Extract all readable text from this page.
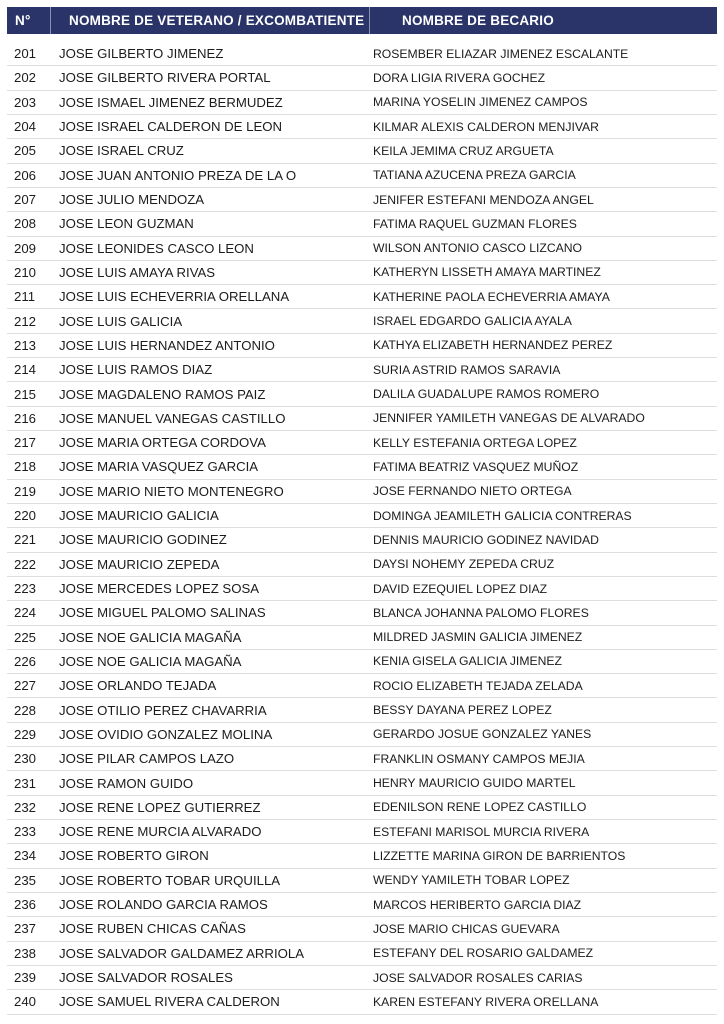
N°	NOMBRE DE VETERANO / EXCOMBATIENTE	NOMBRE DE BECARIO
201	JOSE GILBERTO JIMENEZ	ROSEMBER ELIAZAR JIMENEZ ESCALANTE
202	JOSE GILBERTO RIVERA PORTAL	DORA LIGIA RIVERA GOCHEZ
203	JOSE ISMAEL JIMENEZ BERMUDEZ	MARINA YOSELIN JIMENEZ CAMPOS
204	JOSE ISRAEL CALDERON DE LEON	KILMAR ALEXIS CALDERON MENJIVAR
205	JOSE ISRAEL CRUZ	KEILA JEMIMA CRUZ ARGUETA
206	JOSE JUAN ANTONIO PREZA DE LA O	TATIANA AZUCENA PREZA GARCIA
207	JOSE JULIO MENDOZA	JENIFER ESTEFANI MENDOZA ANGEL
208	JOSE LEON GUZMAN	FATIMA RAQUEL GUZMAN FLORES
209	JOSE LEONIDES CASCO LEON	WILSON ANTONIO CASCO LIZCANO
210	JOSE LUIS AMAYA RIVAS	KATHERYN LISSETH AMAYA MARTINEZ
211	JOSE LUIS ECHEVERRIA ORELLANA	KATHERINE PAOLA ECHEVERRIA AMAYA
212	JOSE LUIS GALICIA	ISRAEL EDGARDO GALICIA AYALA
213	JOSE LUIS HERNANDEZ ANTONIO	KATHYA ELIZABETH HERNANDEZ PEREZ
214	JOSE LUIS RAMOS DIAZ	SURIA ASTRID RAMOS SARAVIA
215	JOSE MAGDALENO RAMOS PAIZ	DALILA GUADALUPE RAMOS ROMERO
216	JOSE MANUEL VANEGAS CASTILLO	JENNIFER YAMILETH VANEGAS DE ALVARADO
217	JOSE MARIA ORTEGA CORDOVA	KELLY ESTEFANIA ORTEGA LOPEZ
218	JOSE MARIA VASQUEZ GARCIA	FATIMA BEATRIZ VASQUEZ MUÑOZ
219	JOSE MARIO NIETO MONTENEGRO	JOSE FERNANDO NIETO ORTEGA
220	JOSE MAURICIO GALICIA	DOMINGA JEAMILETH GALICIA CONTRERAS
221	JOSE MAURICIO GODINEZ	DENNIS MAURICIO GODINEZ NAVIDAD
222	JOSE MAURICIO ZEPEDA	DAYSI NOHEMY ZEPEDA CRUZ
223	JOSE MERCEDES LOPEZ SOSA	DAVID EZEQUIEL LOPEZ DIAZ
224	JOSE MIGUEL PALOMO SALINAS	BLANCA JOHANNA PALOMO FLORES
225	JOSE NOE GALICIA MAGAÑA	MILDRED JASMIN GALICIA JIMENEZ
226	JOSE NOE GALICIA MAGAÑA	KENIA GISELA GALICIA JIMENEZ
227	JOSE ORLANDO TEJADA	ROCIO ELIZABETH TEJADA ZELADA
228	JOSE OTILIO PEREZ CHAVARRIA	BESSY DAYANA PEREZ LOPEZ
229	JOSE OVIDIO GONZALEZ MOLINA	GERARDO JOSUE GONZALEZ YANES
230	JOSE PILAR CAMPOS LAZO	FRANKLIN OSMANY CAMPOS MEJIA
231	JOSE RAMON GUIDO	HENRY MAURICIO GUIDO MARTEL
232	JOSE RENE LOPEZ GUTIERREZ	EDENILSON RENE LOPEZ CASTILLO
233	JOSE RENE MURCIA ALVARADO	ESTEFANI MARISOL MURCIA RIVERA
234	JOSE ROBERTO GIRON	LIZZETTE MARINA GIRON DE BARRIENTOS
235	JOSE ROBERTO TOBAR URQUILLA	WENDY YAMILETH TOBAR LOPEZ
236	JOSE ROLANDO GARCIA RAMOS	MARCOS HERIBERTO GARCIA DIAZ
237	JOSE RUBEN CHICAS CAÑAS	JOSE MARIO CHICAS GUEVARA
238	JOSE SALVADOR GALDAMEZ ARRIOLA	ESTEFANY DEL ROSARIO GALDAMEZ
239	JOSE SALVADOR ROSALES	JOSE SALVADOR ROSALES CARIAS
240	JOSE SAMUEL RIVERA CALDERON	KAREN ESTEFANY RIVERA ORELLANA
